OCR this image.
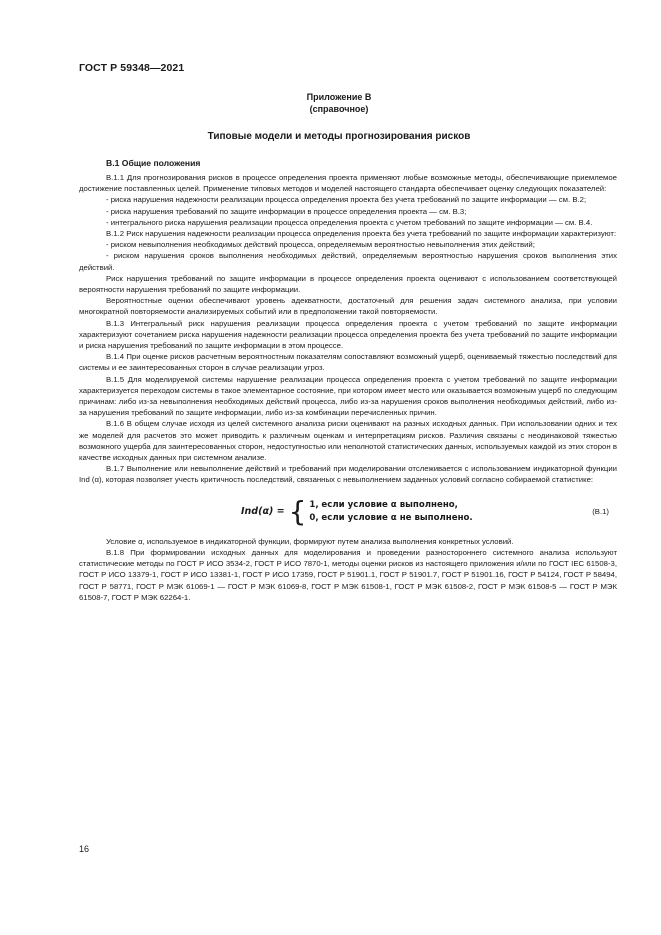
ГОСТ Р 59348—2021
Приложение В
(справочное)
Типовые модели и методы прогнозирования рисков
В.1 Общие положения

В.1.1 Для прогнозирования рисков в процессе определения проекта применяют любые возможные методы, обеспечивающие приемлемое достижение поставленных целей. Применение типовых методов и моделей настоящего стандарта обеспечивает оценку следующих показателей:

- риска нарушения надежности реализации процесса определения проекта без учета требований по защите информации — см. В.2;

- риска нарушения требований по защите информации в процессе определения проекта — см. В.3;

- интегрального риска нарушения реализации процесса определения проекта с учетом требований по защите информации — см. В.4.

В.1.2 Риск нарушения надежности реализации процесса определения проекта без учета требований по защите информации характеризуют:

- риском невыполнения необходимых действий процесса, определяемым вероятностью невыполнения этих действий;

- риском нарушения сроков выполнения необходимых действий, определяемым вероятностью нарушения сроков выполнения этих действий.

Риск нарушения требований по защите информации в процессе определения проекта оценивают с использованием соответствующей вероятности нарушения требований по защите информации.

Вероятностные оценки обеспечивают уровень адекватности, достаточный для решения задач системного анализа, при условии многократной повторяемости анализируемых событий или в предположении такой повторяемости.

В.1.3 Интегральный риск нарушения реализации процесса определения проекта с учетом требований по защите информации характеризуют сочетанием риска нарушения надежности реализации процесса определения проекта без учета требований по защите информации и риска нарушения требований по защите информации в этом процессе.

В.1.4 При оценке рисков расчетным вероятностным показателям сопоставляют возможный ущерб, оцениваемый тяжестью последствий для системы и ее заинтересованных сторон в случае реализации угроз.

В.1.5 Для моделируемой системы нарушение реализации процесса определения проекта с учетом требований по защите информации характеризуется переходом системы в такое элементарное состояние, при котором имеет место или оказывается возможным ущерб по следующим причинам: либо из-за невыполнения необходимых действий процесса, либо из-за нарушения сроков выполнения необходимых действий, либо из-за нарушения требований по защите информации, либо из-за комбинации перечисленных причин.

В.1.6 В общем случае исходя из целей системного анализа риски оценивают на разных исходных данных. При использовании одних и тех же моделей для расчетов это может приводить к различным оценкам и интерпретациям рисков. Различия связаны с неодинаковой тяжестью возможного ущерба для заинтересованных сторон, недоступностью или неполнотой статистических данных, используемых каждой из этих сторон в качестве исходных данных при системном анализе.

В.1.7 Выполнение или невыполнение действий и требований при моделировании отслеживается с использованием индикаторной функции Ind (α), которая позволяет учесть критичность последствий, связанных с невыполнением заданных условий согласно собираемой статистике:

Ind(α) = { 1, если условие α выполнено,
0, если условие α не выполнено.
(В.1)

Условие α, используемое в индикаторной функции, формируют путем анализа выполнения конкретных условий.

В.1.8 При формировании исходных данных для моделирования и проведении разностороннего системного анализа используют статистические методы по ГОСТ Р ИСО 3534-2, ГОСТ Р ИСО 7870-1, методы оценки рисков из настоящего приложения и/или по ГОСТ IEC 61508-3, ГОСТ Р ИСО 13379-1, ГОСТ Р ИСО 13381-1, ГОСТ Р ИСО 17359, ГОСТ Р 51901.1, ГОСТ Р 51901.7, ГОСТ Р 51901.16, ГОСТ Р 54124, ГОСТ Р 58494, ГОСТ Р 58771, ГОСТ Р МЭК 61069-1 — ГОСТ Р МЭК 61069-8, ГОСТ Р МЭК 61508-1, ГОСТ Р МЭК 61508-2, ГОСТ Р МЭК 61508-5 — ГОСТ Р МЭК 61508-7, ГОСТ Р МЭК 62264-1.

16
